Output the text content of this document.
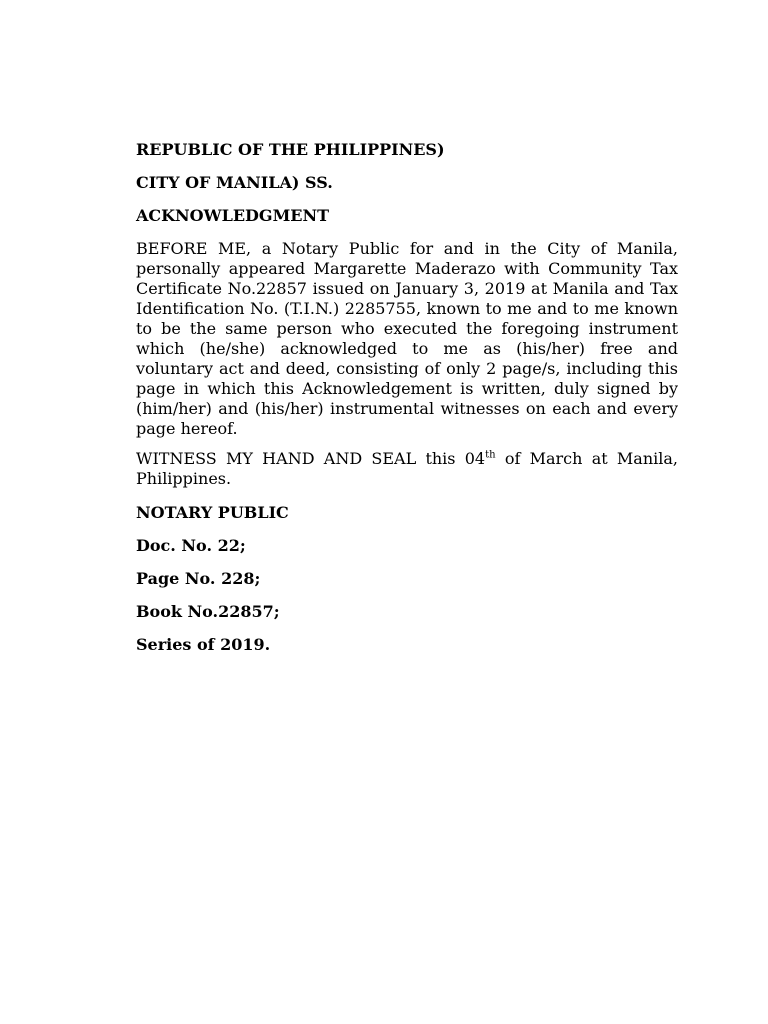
REPUBLIC OF THE PHILIPPINES)

CITY OF MANILA) SS.

ACKNOWLEDGMENT

BEFORE ME, a Notary Public for and in the City of Manila, personally appeared Margarette Maderazo with Community Tax Certificate No.22857 issued on January 3, 2019 at Manila and Tax Identification No. (T.I.N.) 2285755, known to me and to me known to be the same person who executed the foregoing instrument which (he/she) acknowledged to me as (his/her) free and voluntary act and deed, consisting of only 2 page/s, including this page in which this Acknowledgement is written, duly signed by (him/her) and (his/her) instrumental witnesses on each and every page hereof.

WITNESS MY HAND AND SEAL this 04th of March at Manila, Philippines.

NOTARY PUBLIC

Doc. No. 22;

Page No. 228;

Book No.22857;

Series of 2019.
